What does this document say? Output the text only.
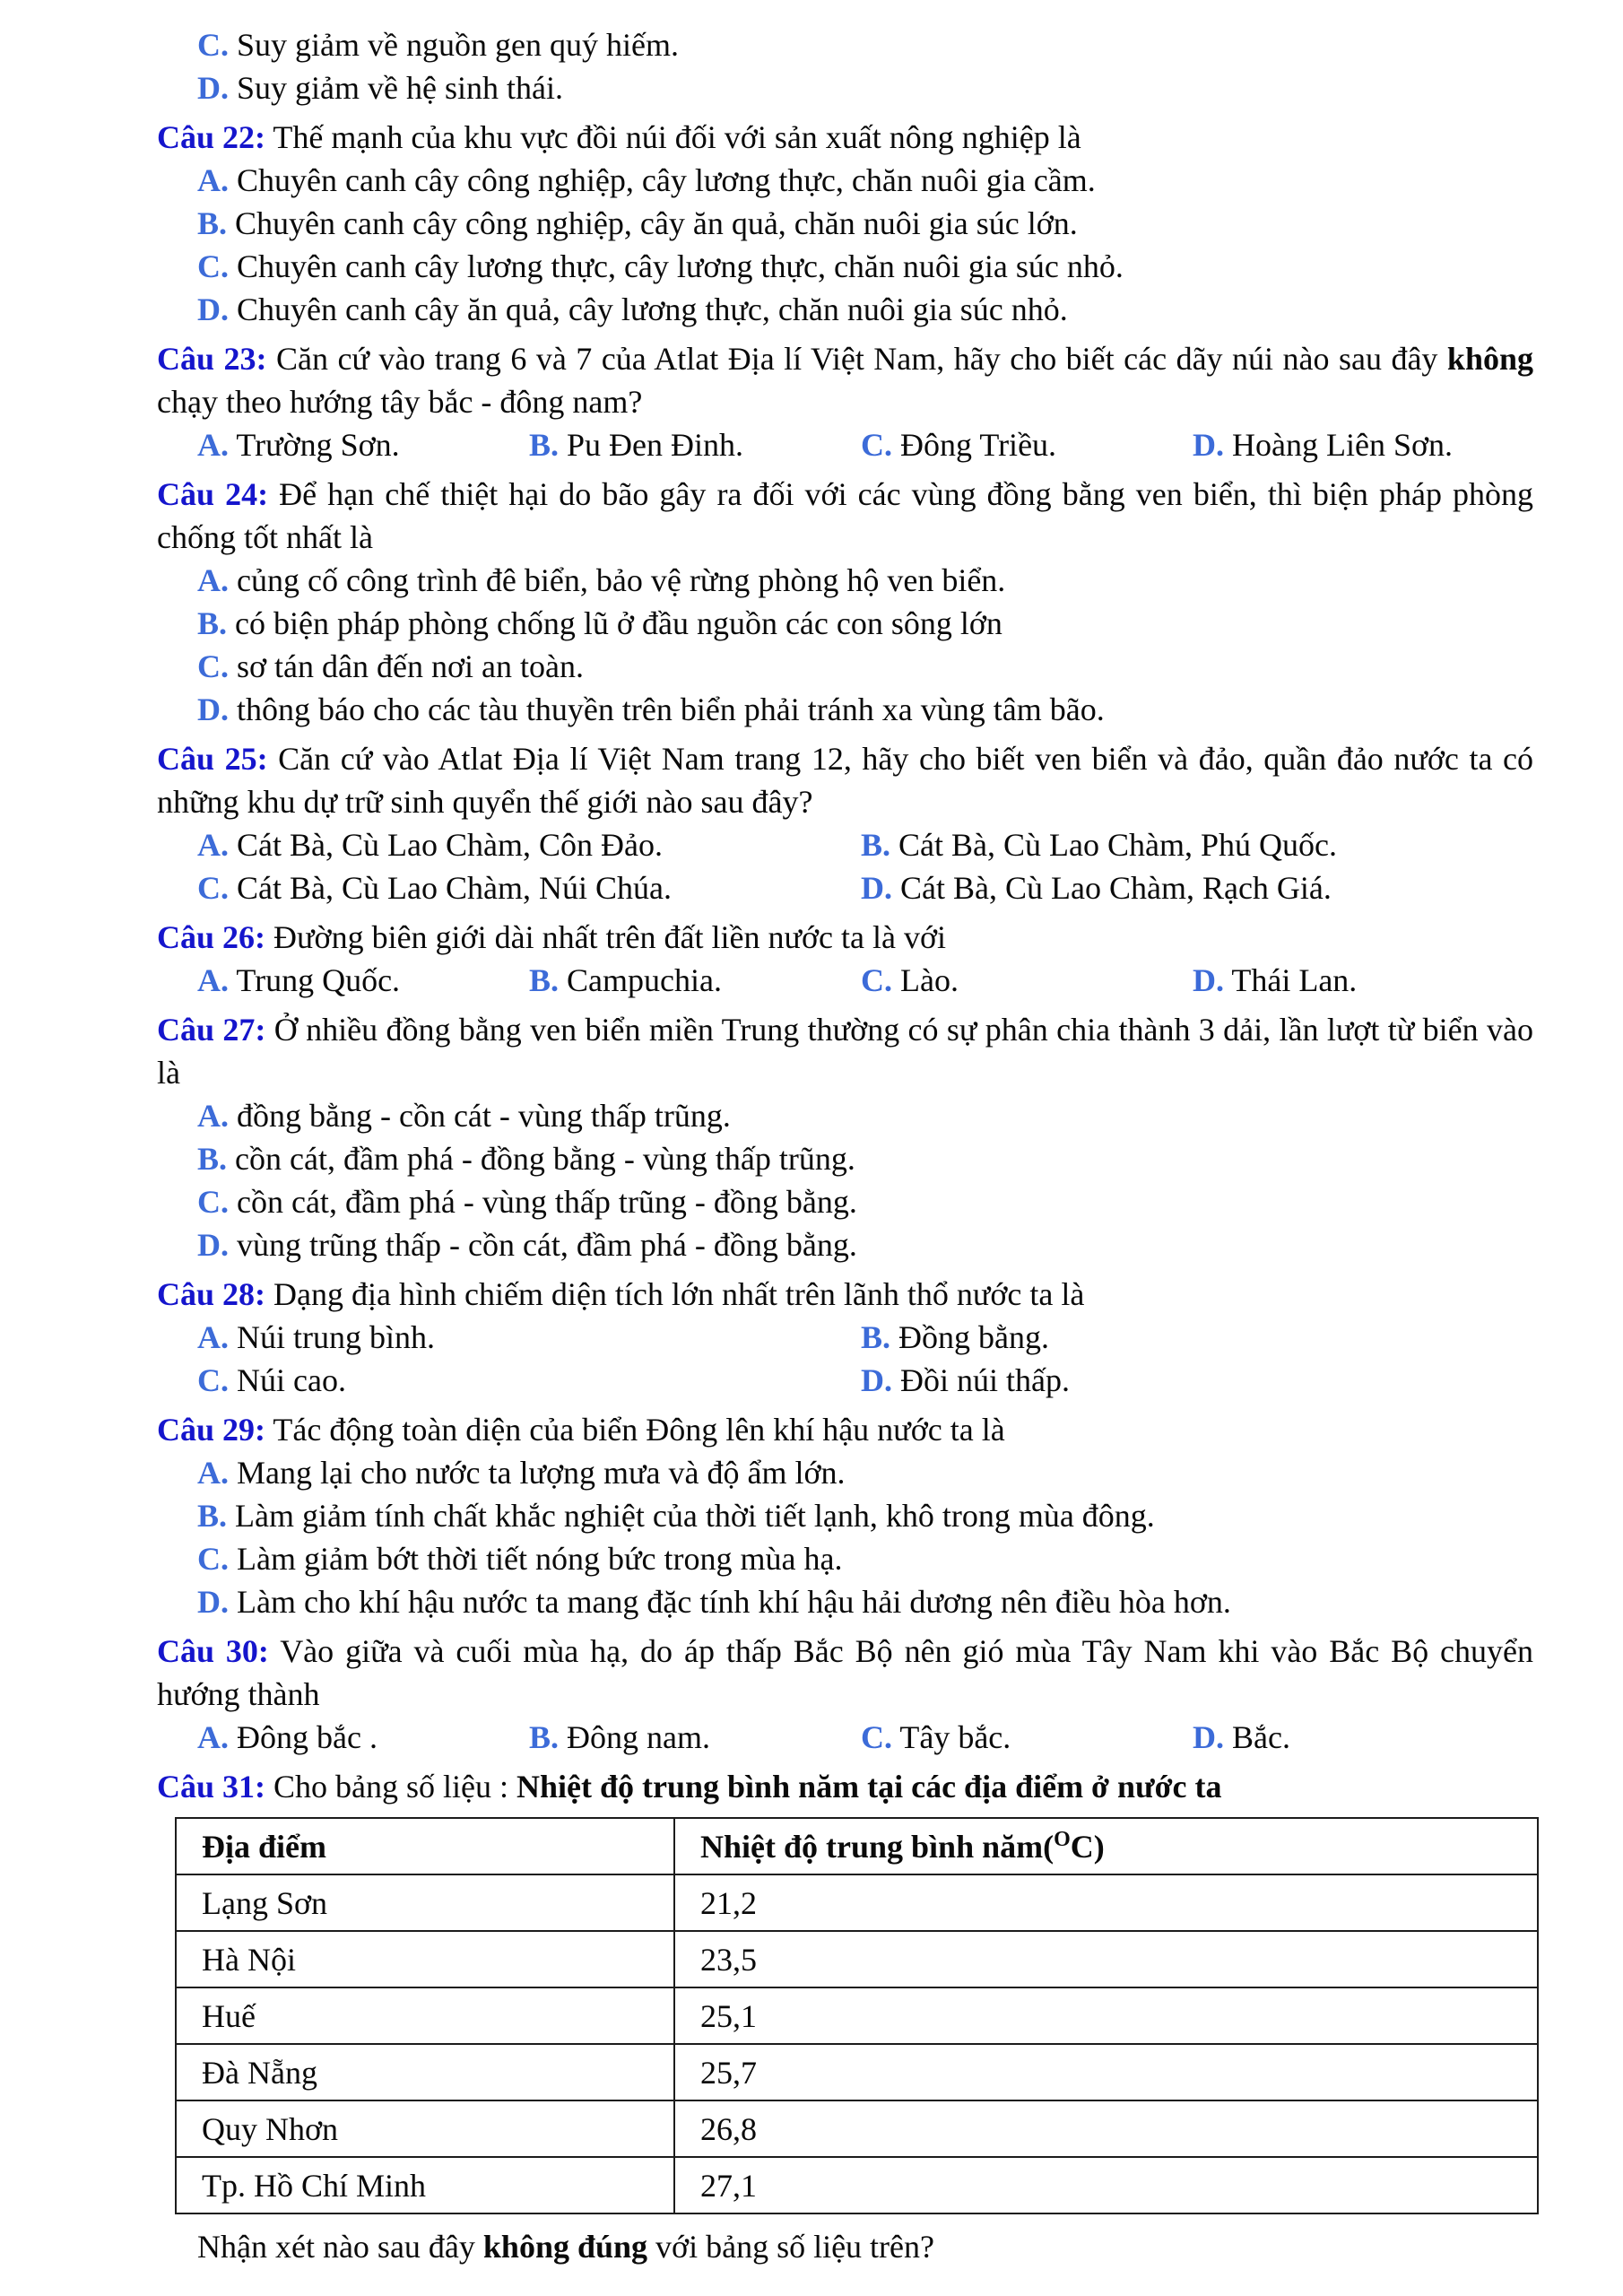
C. Suy giảm về nguồn gen quý hiếm.

D. Suy giảm về hệ sinh thái.

Câu 22: Thế mạnh của khu vực đồi núi đối với sản xuất nông nghiệp là

A. Chuyên canh cây công nghiệp, cây lương thực, chăn nuôi gia cầm.

B. Chuyên canh cây công nghiệp, cây ăn quả, chăn nuôi gia súc lớn.

C. Chuyên canh cây lương thực, cây lương thực, chăn nuôi gia súc nhỏ.

D. Chuyên canh cây ăn quả, cây lương thực, chăn nuôi gia súc nhỏ.

Câu 23: Căn cứ vào trang 6 và 7 của Atlat Địa lí Việt Nam, hãy cho biết các dãy núi nào sau đây không chạy theo hướng tây bắc - đông nam?

A. Trường Sơn.	B. Pu Đen Đinh.	C. Đông Triều.	D. Hoàng Liên Sơn.

Câu 24: Để hạn chế thiệt hại do bão gây ra đối với các vùng đồng bằng ven biển, thì biện pháp phòng chống tốt nhất là

A. củng cố công trình đê biển, bảo vệ rừng phòng hộ ven biển.

B. có biện pháp phòng chống lũ ở đầu nguồn các con sông lớn

C. sơ tán dân đến nơi an toàn.

D. thông báo cho các tàu thuyền trên biển phải tránh xa vùng tâm bão.

Câu 25: Căn cứ vào Atlat Địa lí Việt Nam trang 12, hãy cho biết ven biển và đảo, quần đảo nước ta có những khu dự trữ sinh quyển thế giới nào sau đây?

A. Cát Bà, Cù Lao Chàm, Côn Đảo.	B. Cát Bà, Cù Lao Chàm, Phú Quốc.
C. Cát Bà, Cù Lao Chàm, Núi Chúa.	D. Cát Bà, Cù Lao Chàm, Rạch Giá.

Câu 26: Đường biên giới dài nhất trên đất liền nước ta là với

A. Trung Quốc.	B. Campuchia.	C. Lào.	D. Thái Lan.

Câu 27: Ở nhiều đồng bằng ven biển miền Trung thường có sự phân chia thành 3 dải, lần lượt từ biển vào là

A. đồng bằng - cồn cát - vùng thấp trũng.

B. cồn cát, đầm phá - đồng bằng - vùng thấp trũng.

C. cồn cát, đầm phá - vùng thấp trũng - đồng bằng.

D. vùng trũng thấp - cồn cát, đầm phá - đồng bằng.

Câu 28: Dạng địa hình chiếm diện tích lớn nhất trên lãnh thổ nước ta là

A. Núi trung bình.	B. Đồng bằng.
C. Núi cao.	D. Đồi núi thấp.

Câu 29: Tác động toàn diện của biển Đông lên khí hậu nước ta là

A. Mang lại cho nước ta lượng mưa và độ ẩm lớn.

B. Làm giảm tính chất khắc nghiệt của thời tiết lạnh, khô trong mùa đông.

C. Làm giảm bớt thời tiết nóng bức trong mùa hạ.

D. Làm cho khí hậu nước ta mang đặc tính khí hậu hải dương nên điều hòa hơn.

Câu 30: Vào giữa và cuối mùa hạ, do áp thấp Bắc Bộ nên gió mùa Tây Nam khi vào Bắc Bộ chuyển hướng thành

A. Đông bắc .	B. Đông nam.	C. Tây bắc.	D. Bắc.

Câu 31: Cho bảng số liệu : Nhiệt độ trung bình năm tại các địa điểm ở nước ta

Địa điểm	Nhiệt độ trung bình năm($^O$C)
Lạng Sơn	21,2
Hà Nội	23,5
Huế	25,1
Đà Nẵng	25,7
Quy Nhơn	26,8
Tp. Hồ Chí Minh	27,1

Nhận xét nào sau đây không đúng với bảng số liệu trên?
